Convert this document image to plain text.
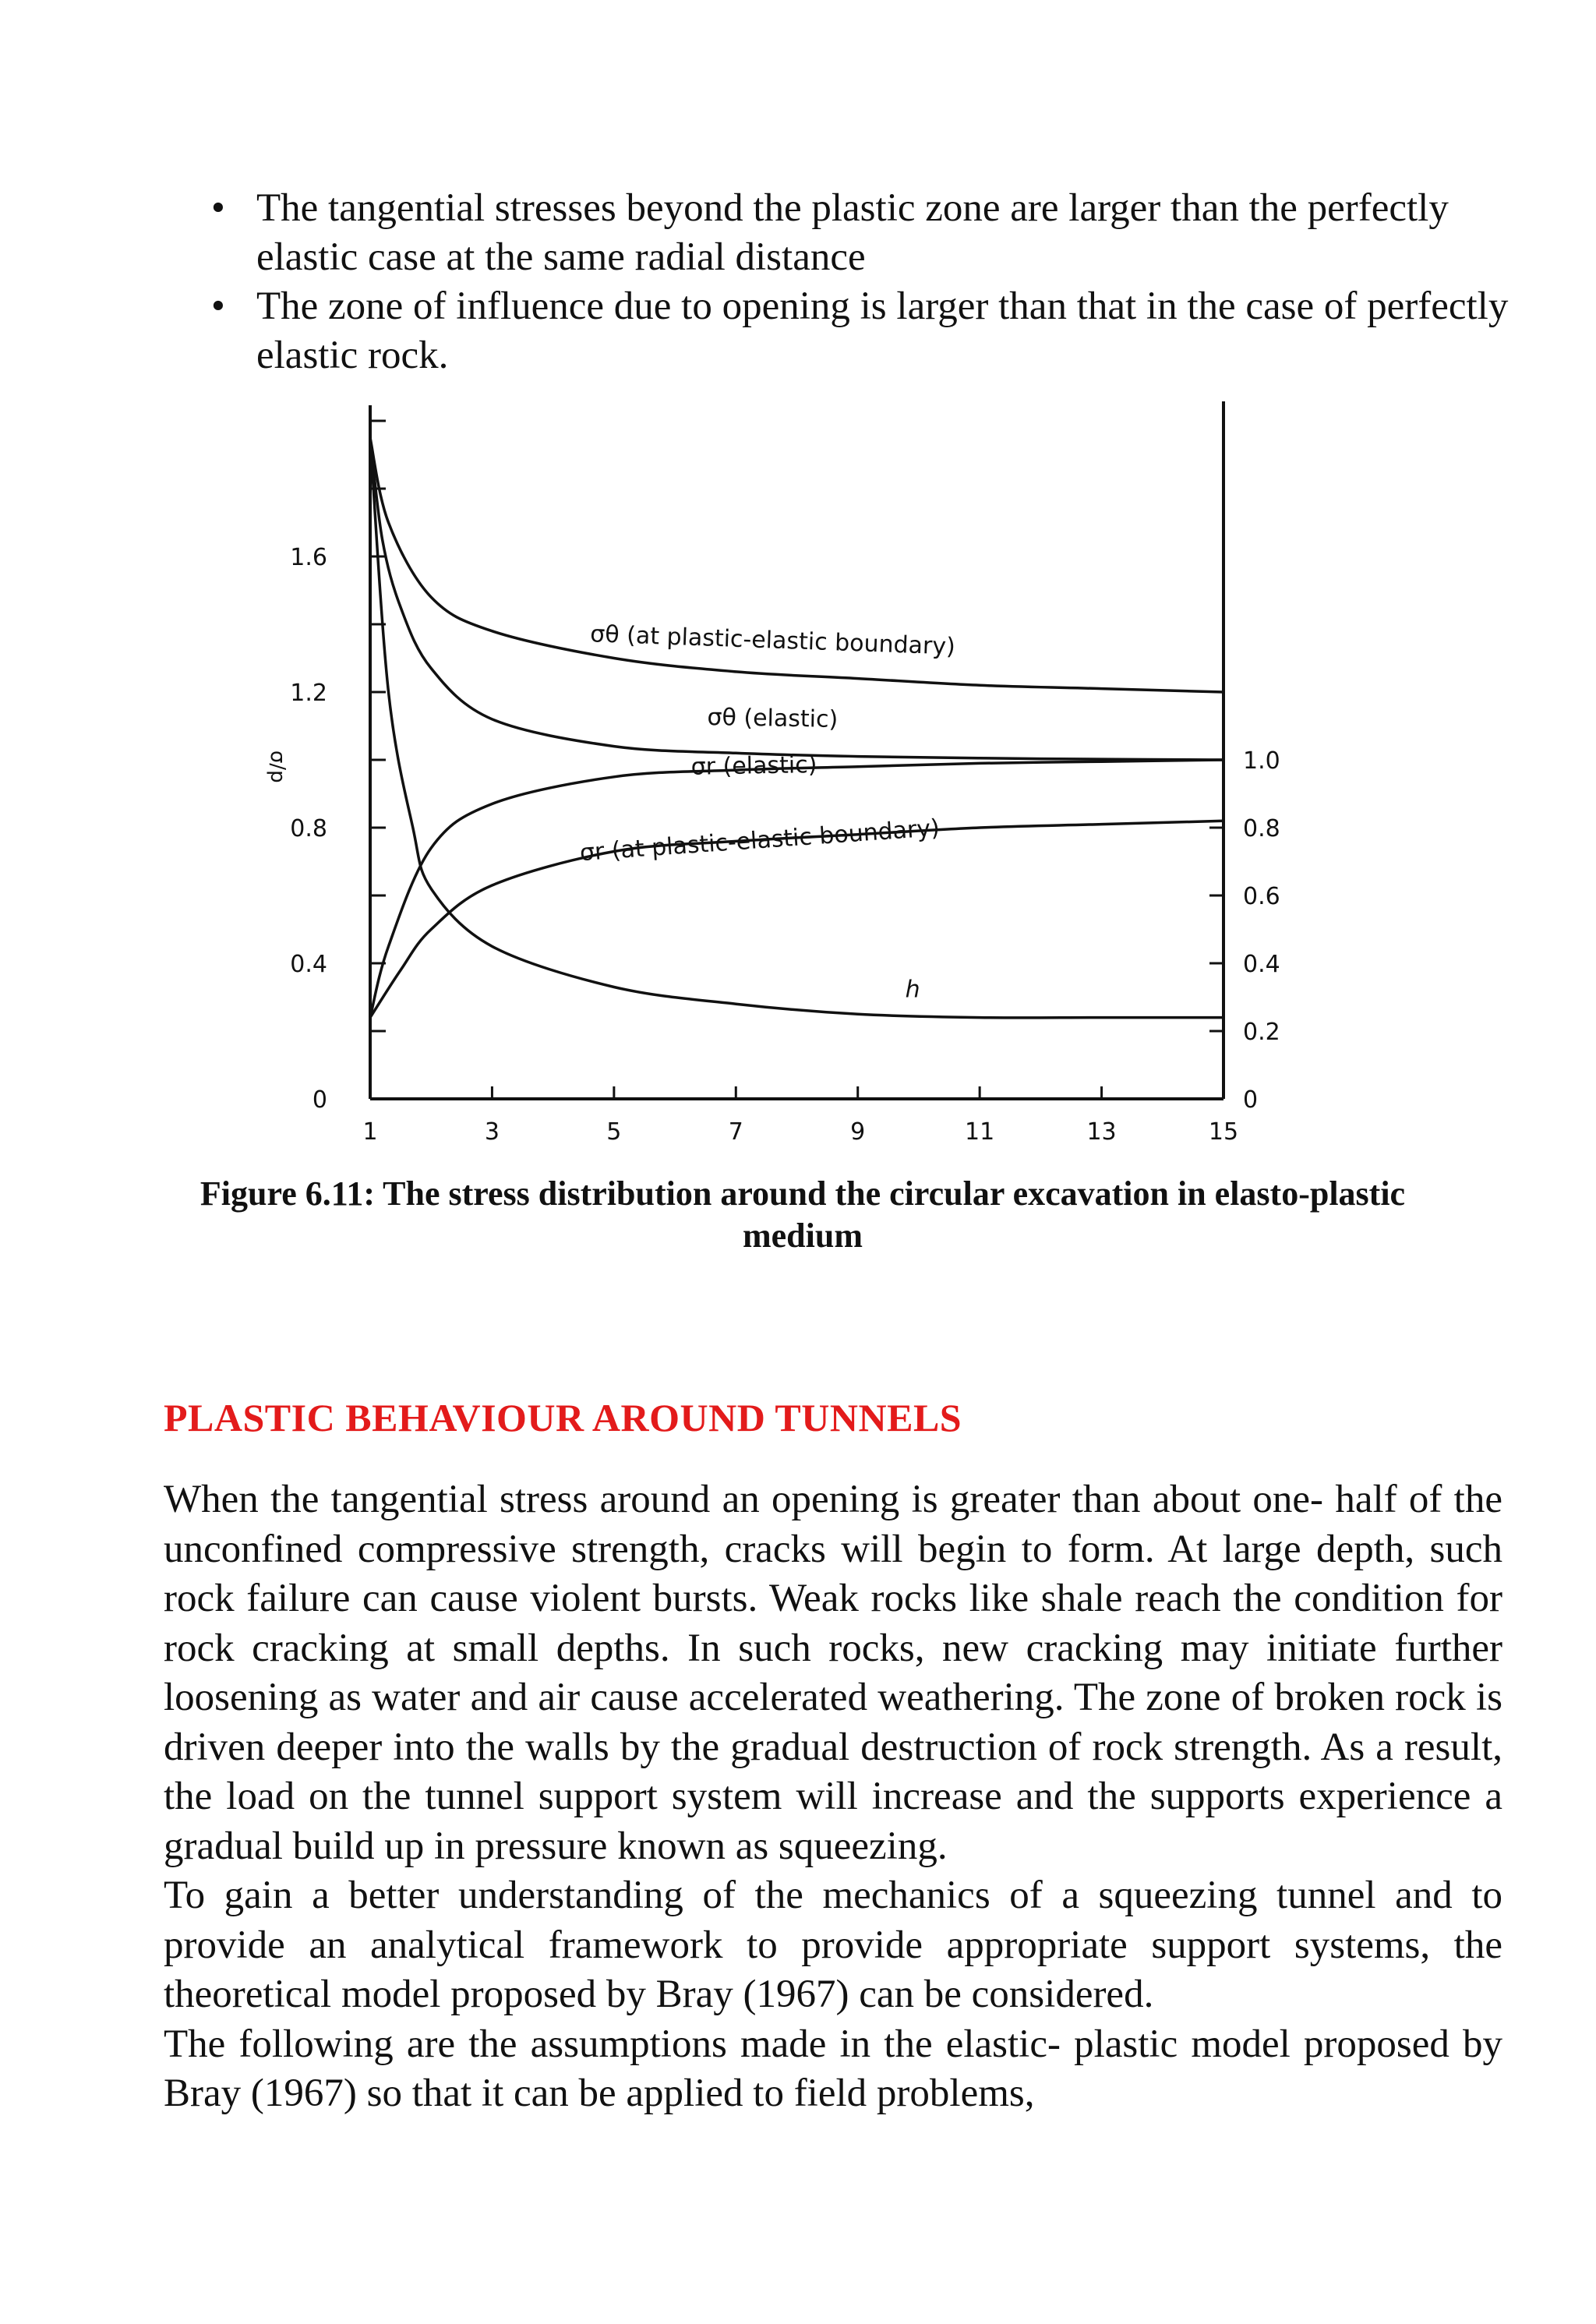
• The tangential stresses beyond the plastic zone are larger than the perfectly elastic case at the same radial distance
• The zone of influence due to opening is larger than that in the case of perfectly elastic rock.
1	3	5	7	9	11	13	15
0
0.4
0.8
1.2
1.6
0
0.2
0.4
0.6
0.8
1.0
σ/p
σθ (at plastic-elastic boundary)
σθ (elastic)
σr (elastic)
σr (at plastic-elastic boundary)
h
Figure 6.11: The stress distribution around the circular excavation in elasto-plastic
medium
PLASTIC BEHAVIOUR AROUND TUNNELS

When the tangential stress around an opening is greater than about one- half of the unconfined compressive strength, cracks will begin to form. At large depth, such rock failure can cause violent bursts. Weak rocks like shale reach the condition for rock cracking at small depths. In such rocks, new cracking may initiate further loosening as water and air cause accelerated weathering. The zone of broken rock is driven deeper into the walls by the gradual destruction of rock strength. As a result, the load on the tunnel support system will increase and the supports experience a gradual build up in pressure known as squeezing.

To gain a better understanding of the mechanics of a squeezing tunnel and to provide an analytical framework to provide appropriate support systems, the theoretical model proposed by Bray (1967) can be considered.

The following are the assumptions made in the elastic- plastic model proposed by Bray (1967) so that it can be applied to field problems,
